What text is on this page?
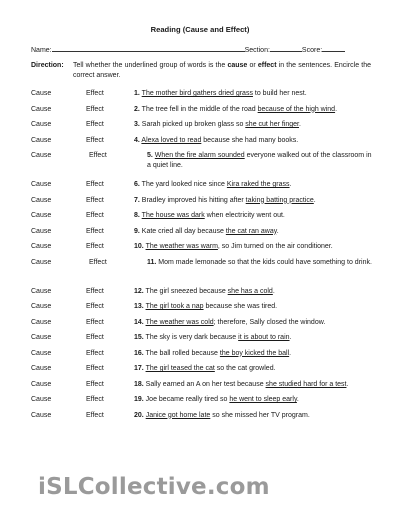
Reading (Cause and Effect)
Name:	Section:	Score:
Direction:	Tell whether the underlined group of words is the cause or effect in the sentences. Encircle the correct answer.
Cause	Effect	1. The mother bird gathers dried grass to build her nest.
Cause	Effect	2. The tree fell in the middle of the road because of the high wind.
Cause	Effect	3. Sarah picked up broken glass so she cut her finger.
Cause	Effect	4. Alexa loved to read because she had many books.
Cause	Effect	5. When the fire alarm sounded everyone walked out of the classroom in a quiet line.
Cause	Effect	6. The yard looked nice since Kira raked the grass.
Cause	Effect	7. Bradley improved his hitting after taking batting practice.
Cause	Effect	8. The house was dark when electricity went out.
Cause	Effect	9. Kate cried all day because the cat ran away.
Cause	Effect	10. The weather was warm, so Jim turned on the air conditioner.
Cause	Effect	11. Mom made lemonade so that the kids could have something to drink.
Cause	Effect	12. The girl sneezed because she has a cold.
Cause	Effect	13. The girl took a nap because she was tired.
Cause	Effect	14. The weather was cold; therefore, Sally closed the window.
Cause	Effect	15. The sky is very dark because it is about to rain.
Cause	Effect	16. The ball rolled because the boy kicked the ball.
Cause	Effect	17. The girl teased the cat so the cat growled.
Cause	Effect	18. Sally earned an A on her test because she studied hard for a test.
Cause	Effect	19. Joe became really tired so he went to sleep early.
Cause	Effect	20. Janice got home late so she missed her TV program.
iSLCollective.com
